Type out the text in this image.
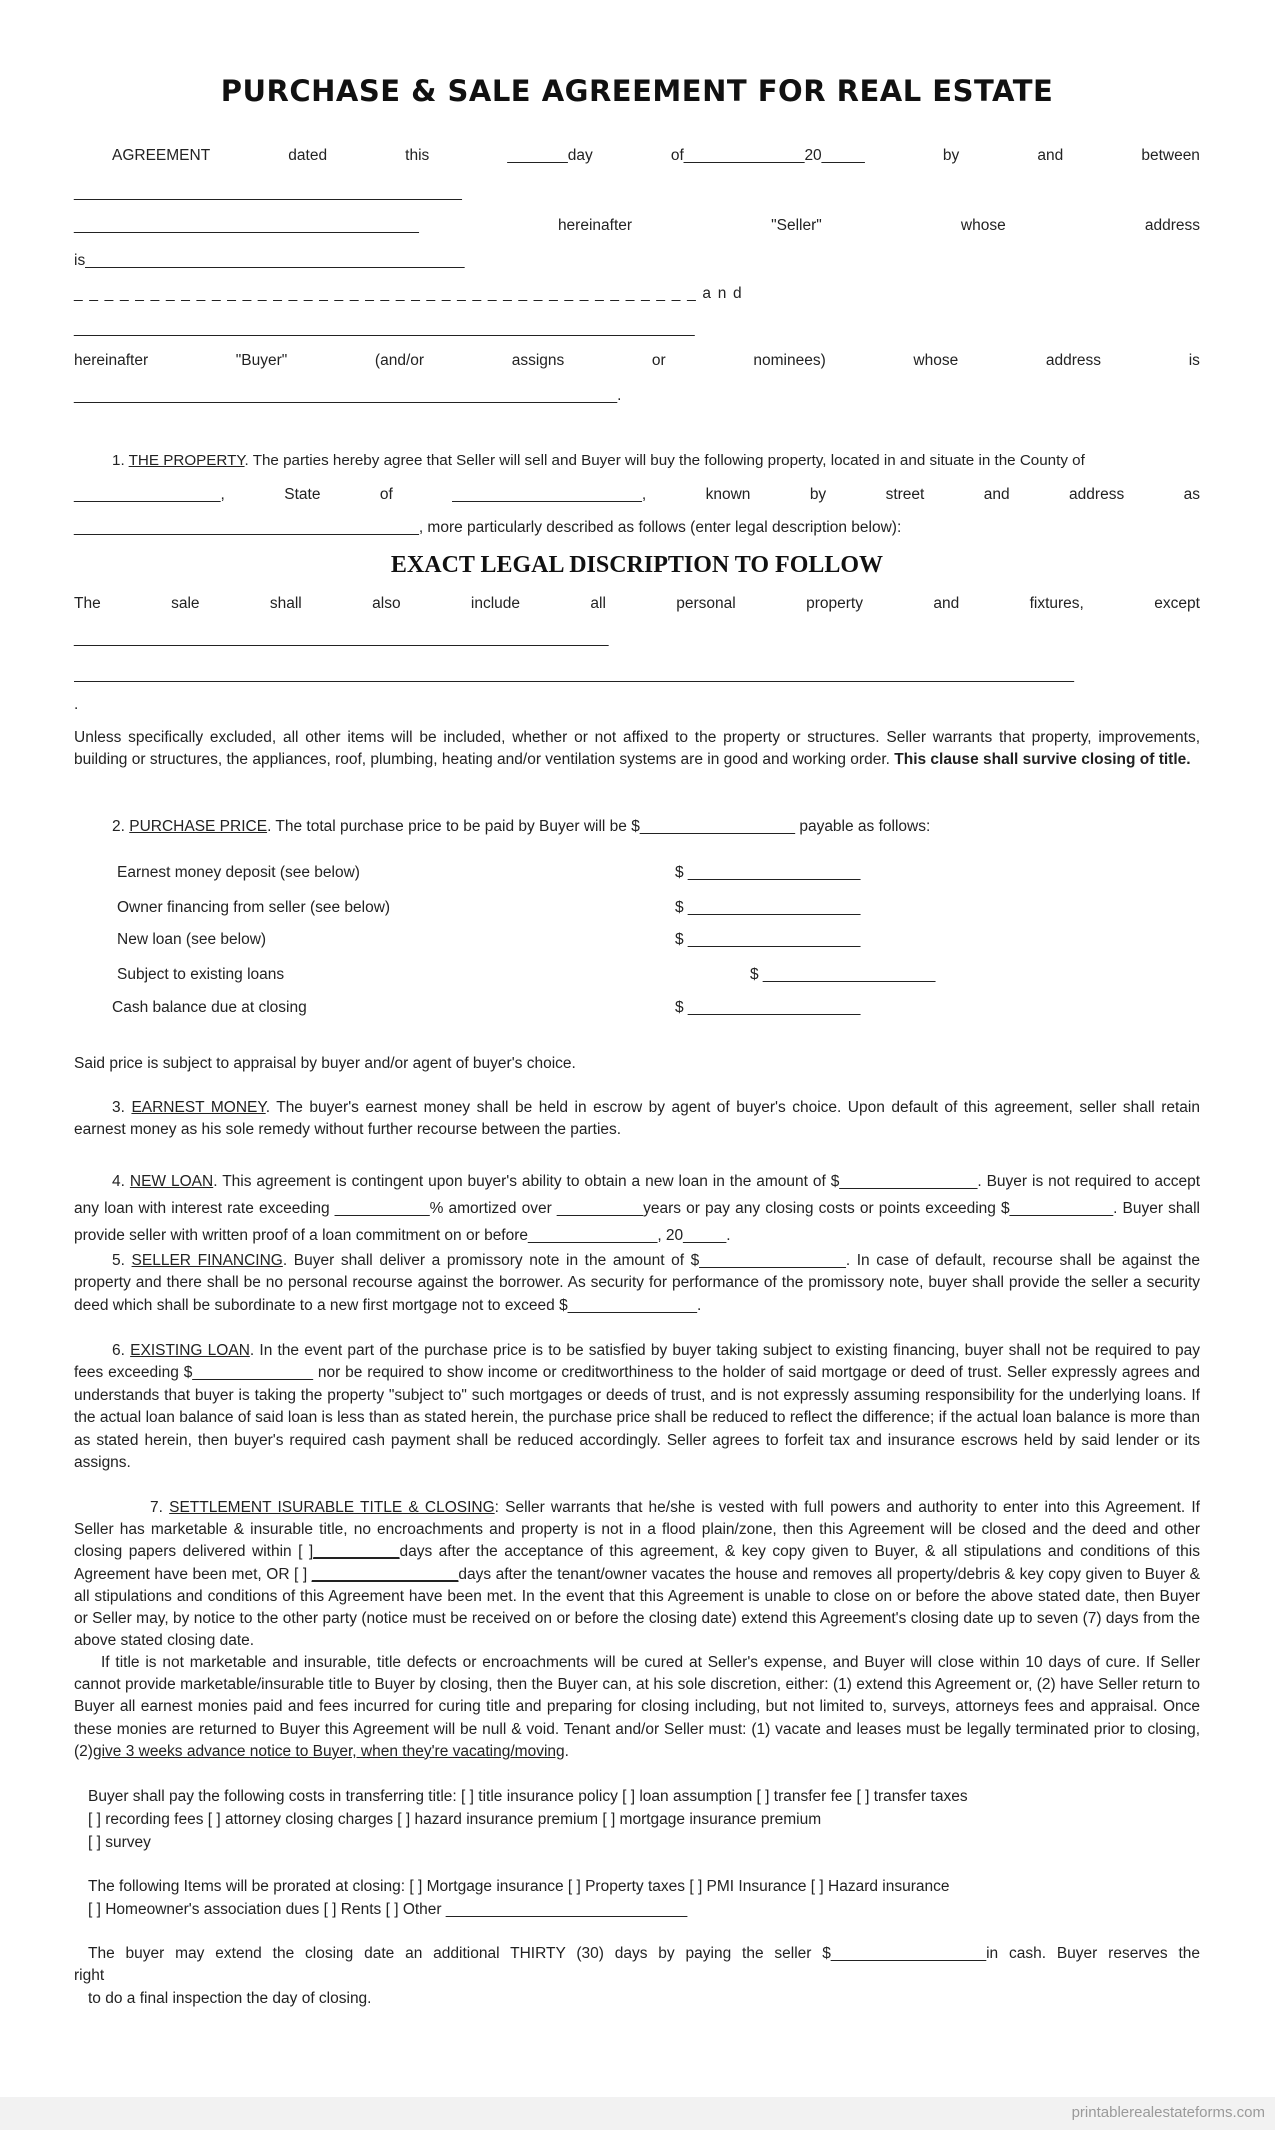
PURCHASE & SALE AGREEMENT FOR REAL ESTATE
AGREEMENT	dated	this	_______day	of______________20_____	by	and	between
_____________________________________________
________________________________________	hereinafter	"Seller"	whose	address
is____________________________________________
_ _ _ _ _ _ _ _ _ _ _ _ _ _ _ _ _ _ _ _ _ _ _ _ _ _ _ _ _ _ _ _ _ _ _ _ _ _ _ _ _ a n d
________________________________________________________________________
hereinafter	"Buyer"	(and/or	assigns	or	nominees)	whose	address	is
_______________________________________________________________.
1. THE PROPERTY. The parties hereby agree that Seller will sell and Buyer will buy the following property, located in and situate in the County of
_________________,	State	of	______________________,	known	by	street	and	address	as
________________________________________, more particularly described as follows (enter legal description below):
EXACT LEGAL DISCRIPTION TO FOLLOW
The	sale	shall	also	include	all	personal	property	and	fixtures,	except
______________________________________________________________
____________________________________________________________________________________________________________________
.
Unless specifically excluded, all other items will be included, whether or not affixed to the property or structures. Seller warrants that property, improvements, building or structures, the appliances, roof, plumbing, heating and/or ventilation systems are in good and working order. This clause shall survive closing of title.
2. PURCHASE PRICE. The total purchase price to be paid by Buyer will be $__________________ payable as follows:
Earnest money deposit (see below)	$ ____________________
Owner financing from seller (see below)	$ ____________________
New loan (see below)	$ ____________________
Subject to existing loans	$ ____________________
Cash balance due at closing	$ ____________________
Said price is subject to appraisal by buyer and/or agent of buyer's choice.
3. EARNEST MONEY. The buyer's earnest money shall be held in escrow by agent of buyer's choice. Upon default of this agreement, seller shall retain earnest money as his sole remedy without further recourse between the parties.
4. NEW LOAN. This agreement is contingent upon buyer's ability to obtain a new loan in the amount of $________________. Buyer is not required to accept any loan with interest rate exceeding ___________% amortized over __________years or pay any closing costs or points exceeding $____________. Buyer shall provide seller with written proof of a loan commitment on or before_______________, 20_____.
5. SELLER FINANCING. Buyer shall deliver a promissory note in the amount of $_________________. In case of default, recourse shall be against the property and there shall be no personal recourse against the borrower. As security for performance of the promissory note, buyer shall provide the seller a security deed which shall be subordinate to a new first mortgage not to exceed $_______________.
6. EXISTING LOAN. In the event part of the purchase price is to be satisfied by buyer taking subject to existing financing, buyer shall not be required to pay fees exceeding $______________ nor be required to show income or creditworthiness to the holder of said mortgage or deed of trust. Seller expressly agrees and understands that buyer is taking the property "subject to" such mortgages or deeds of trust, and is not expressly assuming responsibility for the underlying loans. If the actual loan balance of said loan is less than as stated herein, the purchase price shall be reduced to reflect the difference; if the actual loan balance is more than as stated herein, then buyer's required cash payment shall be reduced accordingly. Seller agrees to forfeit tax and insurance escrows held by said lender or its assigns.
7. SETTLEMENT ISURABLE TITLE & CLOSING: Seller warrants that he/she is vested with full powers and authority to enter into this Agreement. If Seller has marketable & insurable title, no encroachments and property is not in a flood plain/zone, then this Agreement will be closed and the deed and other closing papers delivered within [ ]__________days after the acceptance of this agreement, & key copy given to Buyer, & all stipulations and conditions of this Agreement have been met, OR [ ] _________________days after the tenant/owner vacates the house and removes all property/debris & key copy given to Buyer & all stipulations and conditions of this Agreement have been met. In the event that this Agreement is unable to close on or before the above stated date, then Buyer or Seller may, by notice to the other party (notice must be received on or before the closing date) extend this Agreement's closing date up to seven (7) days from the above stated closing date.
If title is not marketable and insurable, title defects or encroachments will be cured at Seller's expense, and Buyer will close within 10 days of cure. If Seller cannot provide marketable/insurable title to Buyer by closing, then the Buyer can, at his sole discretion, either: (1) extend this Agreement or, (2) have Seller return to Buyer all earnest monies paid and fees incurred for curing title and preparing for closing including, but not limited to, surveys, attorneys fees and appraisal. Once these monies are returned to Buyer this Agreement will be null & void. Tenant and/or Seller must: (1) vacate and leases must be legally terminated prior to closing, (2)give 3 weeks advance notice to Buyer, when they're vacating/moving.
Buyer shall pay the following costs in transferring title: [ ] title insurance policy [ ] loan assumption [ ] transfer fee [ ] transfer taxes
[ ] recording fees [ ] attorney closing charges [ ] hazard insurance premium [ ] mortgage insurance premium
[ ] survey
The following Items will be prorated at closing: [ ] Mortgage insurance [ ] Property taxes [ ] PMI Insurance [ ] Hazard insurance
[ ] Homeowner's association dues [ ] Rents [ ] Other ____________________________
The buyer may extend the closing date an additional THIRTY (30) days by paying the seller $__________________in cash. Buyer reserves the
right
to do a final inspection the day of closing.
printablerealestateforms.com
